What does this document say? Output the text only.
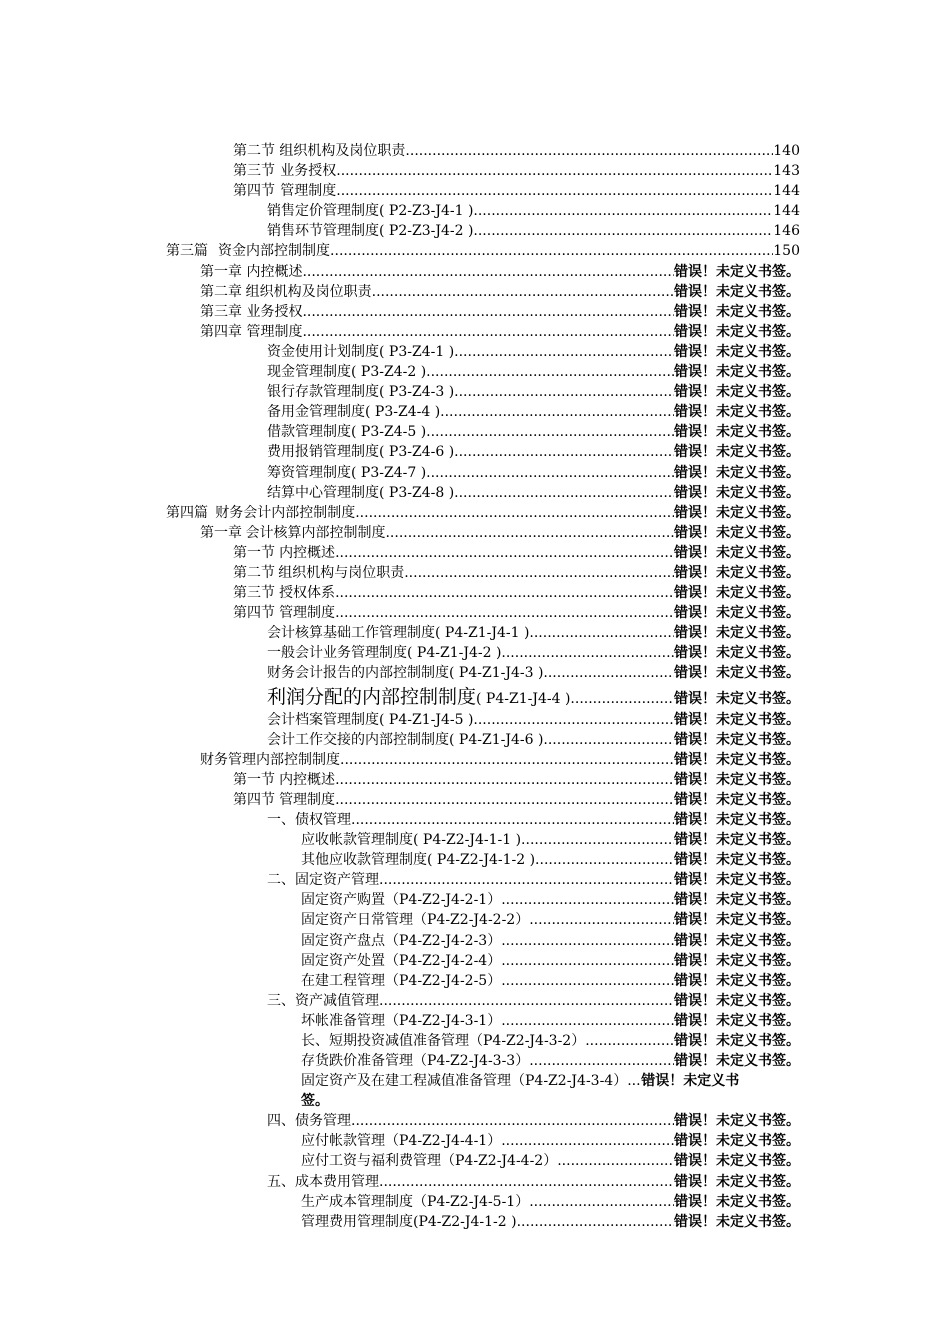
第二节 组织机构及岗位职责 .....	140
第三节 业务授权 .....	143
第四节 管理制度 .....	144
销售定价管理制度( P2-Z3-J4-1 ) .....	144
销售环节管理制度( P2-Z3-J4-2 ) .....	146
第三篇 资金内部控制制度 .....	150
第一章 内控概述 .....	错误！未定义书签。
第二章 组织机构及岗位职责 .....	错误！未定义书签。
第三章 业务授权 .....	错误！未定义书签。
第四章 管理制度 .....	错误！未定义书签。
资金使用计划制度( P3-Z4-1 ) .....	错误！未定义书签。
现金管理制度( P3-Z4-2 ) .....	错误！未定义书签。
银行存款管理制度( P3-Z4-3 ) .....	错误！未定义书签。
备用金管理制度( P3-Z4-4 ) .....	错误！未定义书签。
借款管理制度( P3-Z4-5 ) .....	错误！未定义书签。
费用报销管理制度( P3-Z4-6 ) .....	错误！未定义书签。
筹资管理制度( P3-Z4-7 ) .....	错误！未定义书签。
结算中心管理制度( P3-Z4-8 ) .....	错误！未定义书签。
第四篇 财务会计内部控制制度 .....	错误！未定义书签。
第一章 会计核算内部控制制度 .....	错误！未定义书签。
第一节 内控概述 .....	错误！未定义书签。
第二节 组织机构与岗位职责 .....	错误！未定义书签。
第三节 授权体系 .....	错误！未定义书签。
第四节 管理制度 .....	错误！未定义书签。
会计核算基础工作管理制度( P4-Z1-J4-1 ) .....	错误！未定义书签。
一般会计业务管理制度( P4-Z1-J4-2 ) .....	错误！未定义书签。
财务会计报告的内部控制制度( P4-Z1-J4-3 ) .....	错误！未定义书签。
利润分配的内部控制制度 ( P4-Z1-J4-4 ) .....	错误！未定义书签。
会计档案管理制度( P4-Z1-J4-5 ) .....	错误！未定义书签。
会计工作交接的内部控制制度( P4-Z1-J4-6 ) .....	错误！未定义书签。
财务管理内部控制制度 .....	错误！未定义书签。
第一节 内控概述 .....	错误！未定义书签。
第四节 管理制度 .....	错误！未定义书签。
一、债权管理 .....	错误！未定义书签。
应收帐款管理制度( P4-Z2-J4-1-1 ) .....	错误！未定义书签。
其他应收款管理制度( P4-Z2-J4-1-2 ) .....	错误！未定义书签。
二、固定资产管理 .....	错误！未定义书签。
固定资产购置（P4-Z2-J4-2-1） .....	错误！未定义书签。
固定资产日常管理（P4-Z2-J4-2-2） .....	错误！未定义书签。
固定资产盘点（P4-Z2-J4-2-3） .....	错误！未定义书签。
固定资产处置（P4-Z2-J4-2-4） .....	错误！未定义书签。
在建工程管理（P4-Z2-J4-2-5） .....	错误！未定义书签。
三、资产减值管理 .....	错误！未定义书签。
坏帐准备管理（P4-Z2-J4-3-1） .....	错误！未定义书签。
长、短期投资减值准备管理（P4-Z2-J4-3-2） .....	错误！未定义书签。
存货跌价准备管理（P4-Z2-J4-3-3） .....	错误！未定义书签。
固定资产及在建工程减值准备管理（P4-Z2-J4-3-4） ..... 错误！未定义书
签。
四、债务管理 .....	错误！未定义书签。
应付帐款管理（P4-Z2-J4-4-1） .....	错误！未定义书签。
应付工资与福利费管理（P4-Z2-J4-4-2） .....	错误！未定义书签。
五、成本费用管理 .....	错误！未定义书签。
生产成本管理制度（P4-Z2-J4-5-1） .....	错误！未定义书签。
管理费用管理制度(P4-Z2-J4-1-2 ) .....	错误！未定义书签。
